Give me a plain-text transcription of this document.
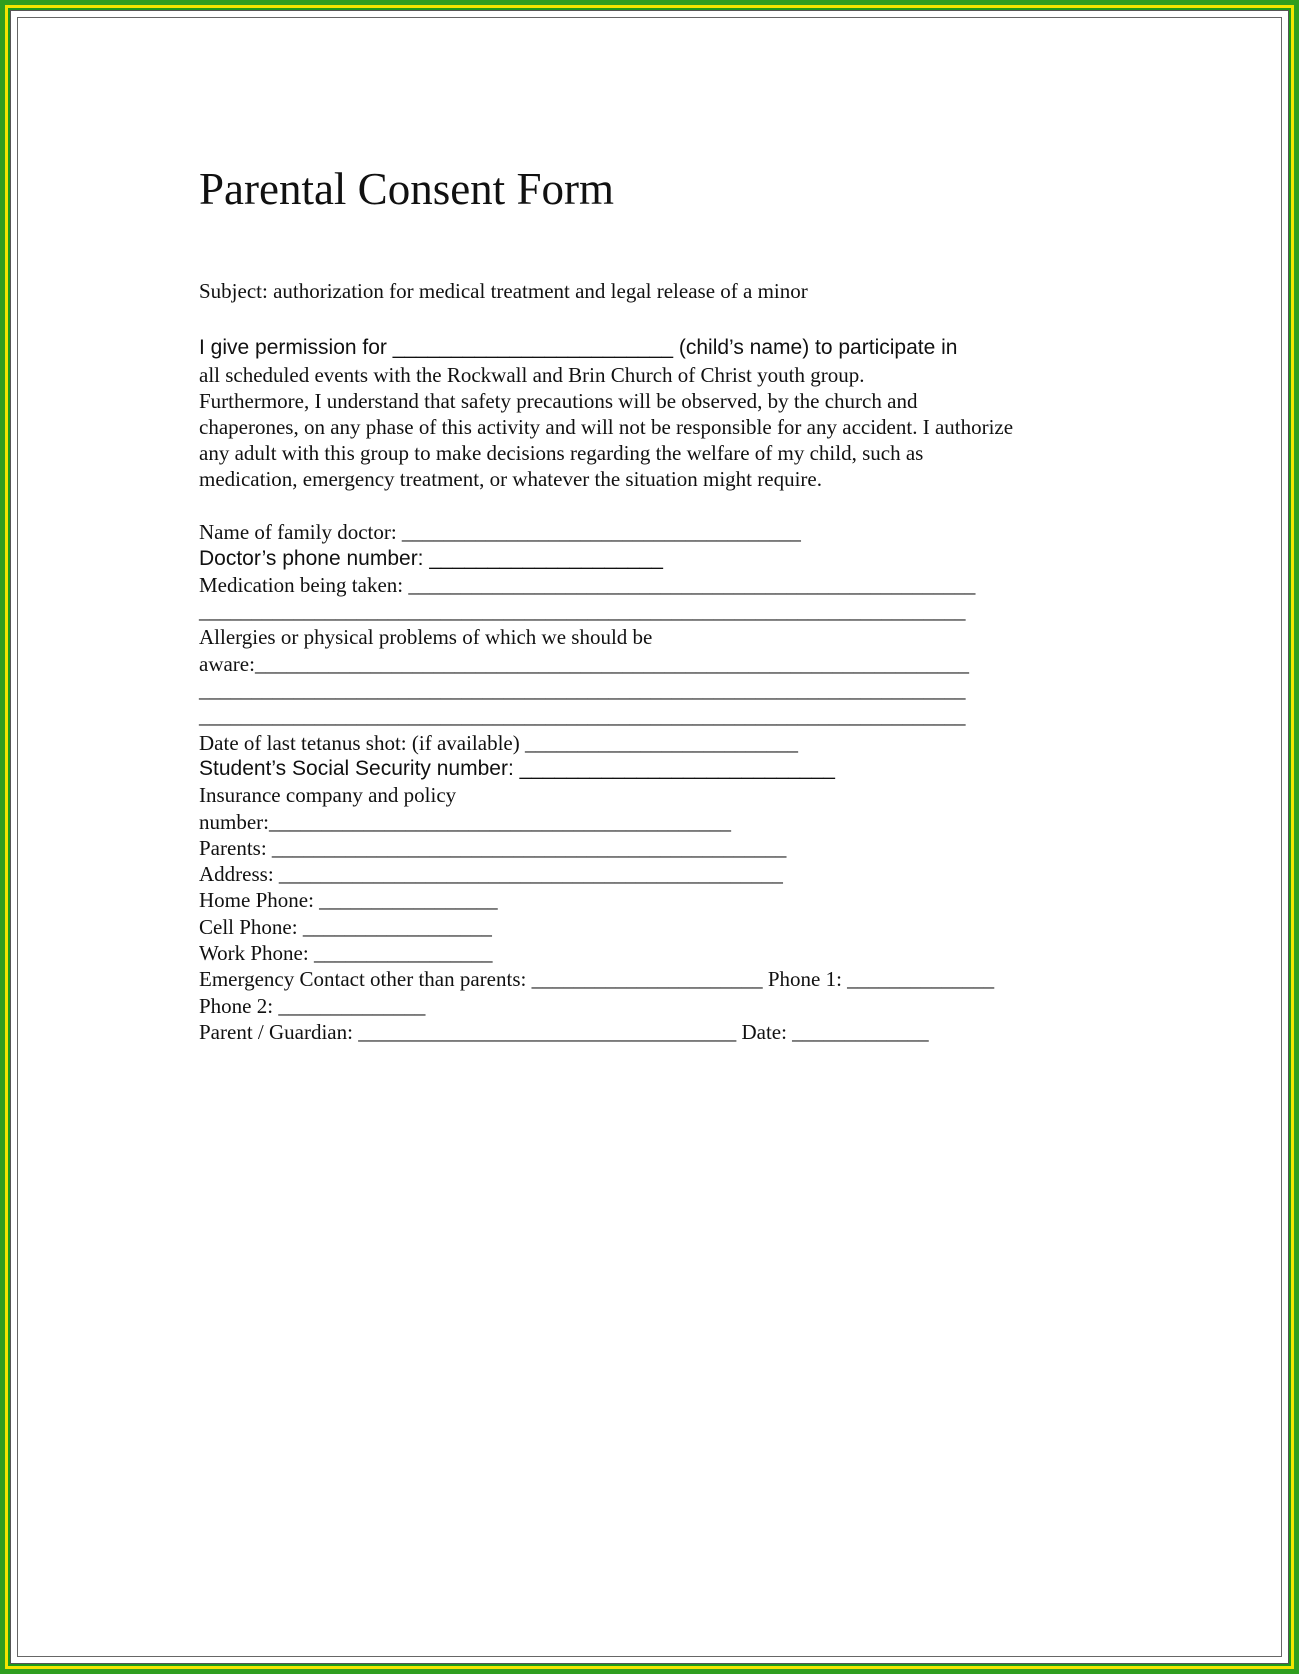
Parental Consent Form
Subject: authorization for medical treatment and legal release of a minor
I give permission for ________________________ (child’s name) to participate in
all scheduled events with the Rockwall and Brin Church of Christ youth group.
Furthermore, I understand that safety precautions will be observed, by the church and
chaperones, on any phase of this activity and will not be responsible for any accident. I authorize
any adult with this group to make decisions regarding the welfare of my child, such as
medication, emergency treatment, or whatever the situation might require.
Name of family doctor: ______________________________________
Doctor’s phone number: ____________________
Medication being taken: ______________________________________________________
_________________________________________________________________________
Allergies or physical problems of which we should be
aware:____________________________________________________________________
_________________________________________________________________________
_________________________________________________________________________
Date of last tetanus shot: (if available) __________________________
Student’s Social Security number: ___________________________
Insurance company and policy
number:____________________________________________
Parents: _________________________________________________
Address: ________________________________________________
Home Phone: _________________
Cell Phone: __________________
Work Phone: _________________
Emergency Contact other than parents: ______________________ Phone 1: ______________
Phone 2: ______________
Parent / Guardian: ____________________________________ Date: _____________
